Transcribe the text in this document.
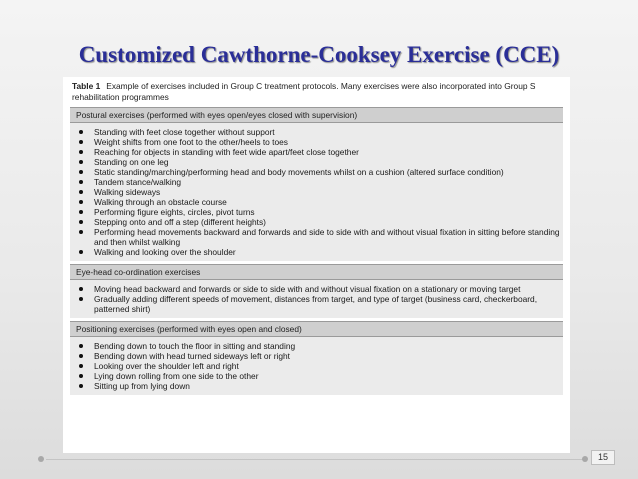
Customized Cawthorne-Cooksey Exercise (CCE)
Table 1 Example of exercises included in Group C treatment protocols. Many exercises were also incorporated into Group S rehabilitation programmes
Postural exercises (performed with eyes open/eyes closed with supervision)
Standing with feet close together without support
Weight shifts from one foot to the other/heels to toes
Reaching for objects in standing with feet wide apart/feet close together
Standing on one leg
Static standing/marching/performing head and body movements whilst on a cushion (altered surface condition)
Tandem stance/walking
Walking sideways
Walking through an obstacle course
Performing figure eights, circles, pivot turns
Stepping onto and off a step (different heights)
Performing head movements backward and forwards and side to side with and without visual fixation in sitting before standing and then whilst walking
Walking and looking over the shoulder
Eye-head co-ordination exercises
Moving head backward and forwards or side to side with and without visual fixation on a stationary or moving target
Gradually adding different speeds of movement, distances from target, and type of target (business card, checkerboard, patterned shirt)
Positioning exercises (performed with eyes open and closed)
Bending down to touch the floor in sitting and standing
Bending down with head turned sideways left or right
Looking over the shoulder left and right
Lying down rolling from one side to the other
Sitting up from lying down
15
